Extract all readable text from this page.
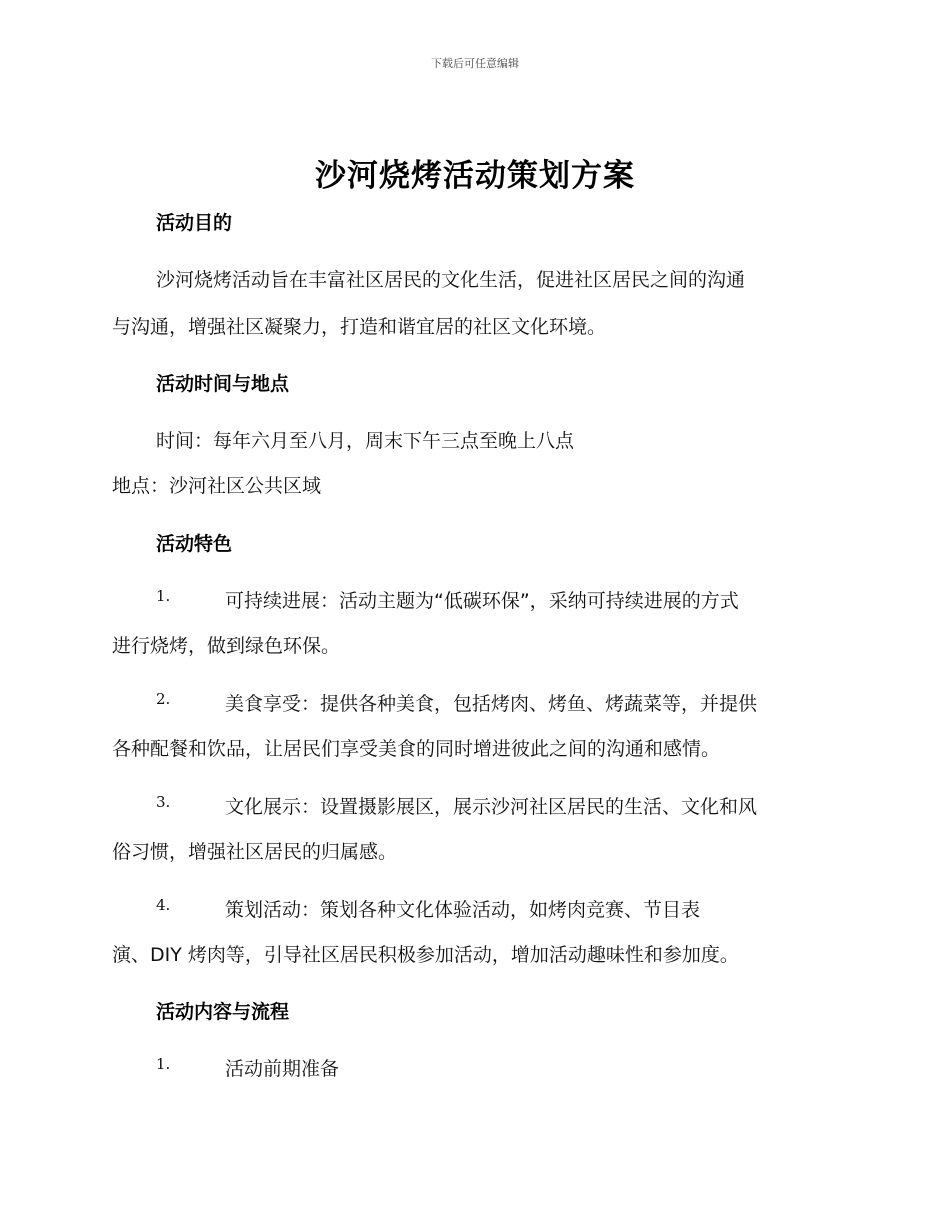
下载后可任意编辑
沙河烧烤活动策划方案
活动目的
沙河烧烤活动旨在丰富社区居民的文化生活，促进社区居民之间的沟通
与沟通，增强社区凝聚力，打造和谐宜居的社区文化环境。
活动时间与地点
时间：每年六月至八月，周末下午三点至晚上八点
地点：沙河社区公共区域
活动特色
1.	可持续进展：活动主题为“低碳环保”，采纳可持续进展的方式
进行烧烤，做到绿色环保。
2.	美食享受：提供各种美食，包括烤肉、烤鱼、烤蔬菜等，并提供
各种配餐和饮品，让居民们享受美食的同时增进彼此之间的沟通和感情。
3.	文化展示：设置摄影展区，展示沙河社区居民的生活、文化和风
俗习惯，增强社区居民的归属感。
4.	策划活动：策划各种文化体验活动，如烤肉竞赛、节目表
演、DIY 烤肉等，引导社区居民积极参加活动，增加活动趣味性和参加度。
活动内容与流程
1.	活动前期准备
